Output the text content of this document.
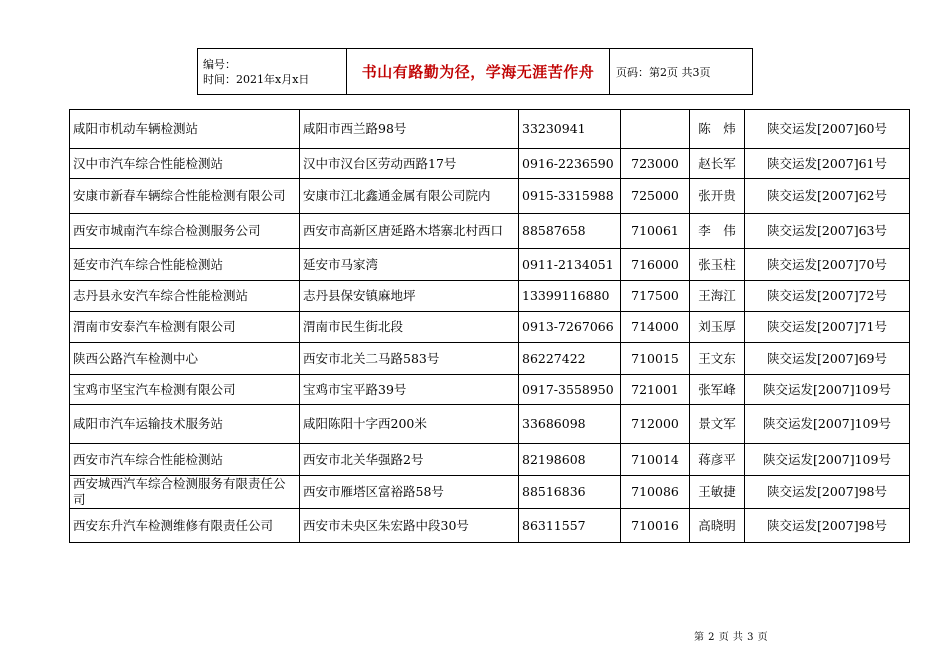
编号：
时间：2021年x月x日	书山有路勤为径，学海无涯苦作舟	页码：第2页 共3页
咸阳市机动车辆检测站	咸阳市西兰路98号	33230941		陈　炜	陕交运发[2007]60号
汉中市汽车综合性能检测站	汉中市汉台区劳动西路17号	0916-2236590	723000	赵长军	陕交运发[2007]61号
安康市新春车辆综合性能检测有限公司	安康市江北鑫通金属有限公司院内	0915-3315988	725000	张开贵	陕交运发[2007]62号
西安市城南汽车综合检测服务公司	西安市高新区唐延路木塔寨北村西口	88587658	710061	李　伟	陕交运发[2007]63号
延安市汽车综合性能检测站	延安市马家湾	0911-2134051	716000	张玉柱	陕交运发[2007]70号
志丹县永安汽车综合性能检测站	志丹县保安镇麻地坪	13399116880	717500	王海江	陕交运发[2007]72号
渭南市安泰汽车检测有限公司	渭南市民生街北段	0913-7267066	714000	刘玉厚	陕交运发[2007]71号
陕西公路汽车检测中心	西安市北关二马路583号	86227422	710015	王文东	陕交运发[2007]69号
宝鸡市坚宝汽车检测有限公司	宝鸡市宝平路39号	0917-3558950	721001	张军峰	陕交运发[2007]109号
咸阳市汽车运输技术服务站	咸阳陈阳十字西200米	33686098	712000	景文军	陕交运发[2007]109号
西安市汽车综合性能检测站	西安市北关华强路2号	82198608	710014	蒋彦平	陕交运发[2007]109号
西安城西汽车综合检测服务有限责任公司	西安市雁塔区富裕路58号	88516836	710086	王敏捷	陕交运发[2007]98号
西安东升汽车检测维修有限责任公司	西安市未央区朱宏路中段30号	86311557	710016	高晓明	陕交运发[2007]98号
第 2 页 共 3 页
